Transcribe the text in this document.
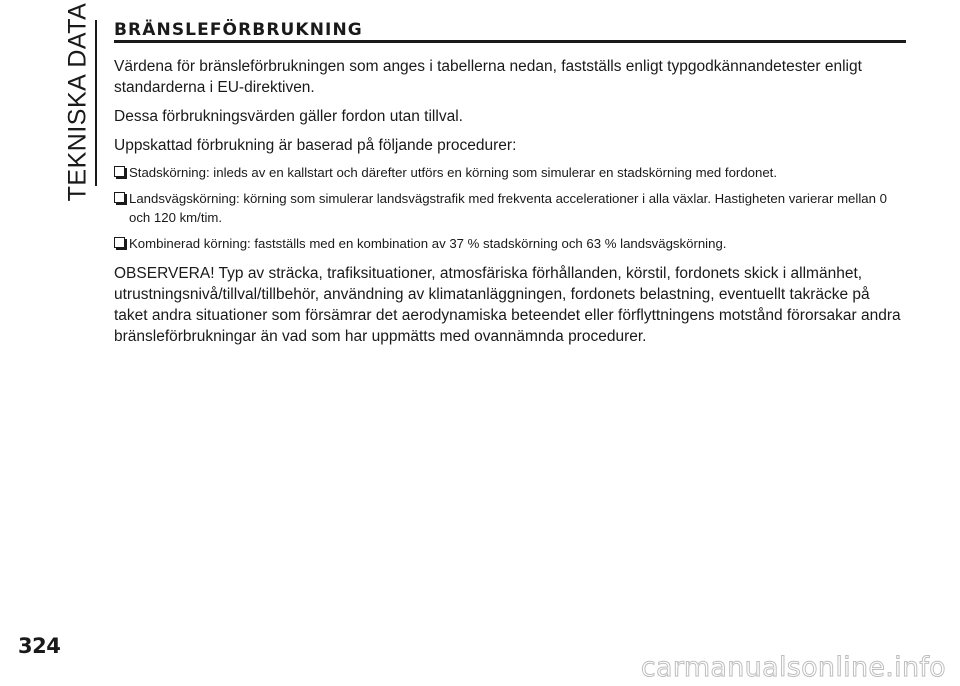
TEKNISKA DATA BRÄNSLEFÖRBRUKNING

Värdena för bränsleförbrukningen som anges i tabellerna nedan, fastställs enligt typgodkännandetester enligt standarderna i EU-direktiven.

Dessa förbrukningsvärden gäller fordon utan tillval.

Uppskattad förbrukning är baserad på följande procedurer:

Stadskörning: inleds av en kallstart och därefter utförs en körning som simulerar en stadskörning med fordonet.
Landsvägskörning: körning som simulerar landsvägstrafik med frekventa accelerationer i alla växlar. Hastigheten varierar mellan 0 och 120 km/tim.
Kombinerad körning: fastställs med en kombination av 37 % stadskörning och 63 % landsvägskörning.

OBSERVERA! Typ av sträcka, trafiksituationer, atmosfäriska förhållanden, körstil, fordonets skick i allmänhet, utrustningsnivå/tillval/tillbehör, användning av klimatanläggningen, fordonets belastning, eventuellt takräcke på taket andra situationer som försämrar det aerodynamiska beteendet eller förflyttningens motstånd förorsakar andra bränsleförbrukningar än vad som har uppmätts med ovannämnda procedurer.

324
carmanualsonline.info
